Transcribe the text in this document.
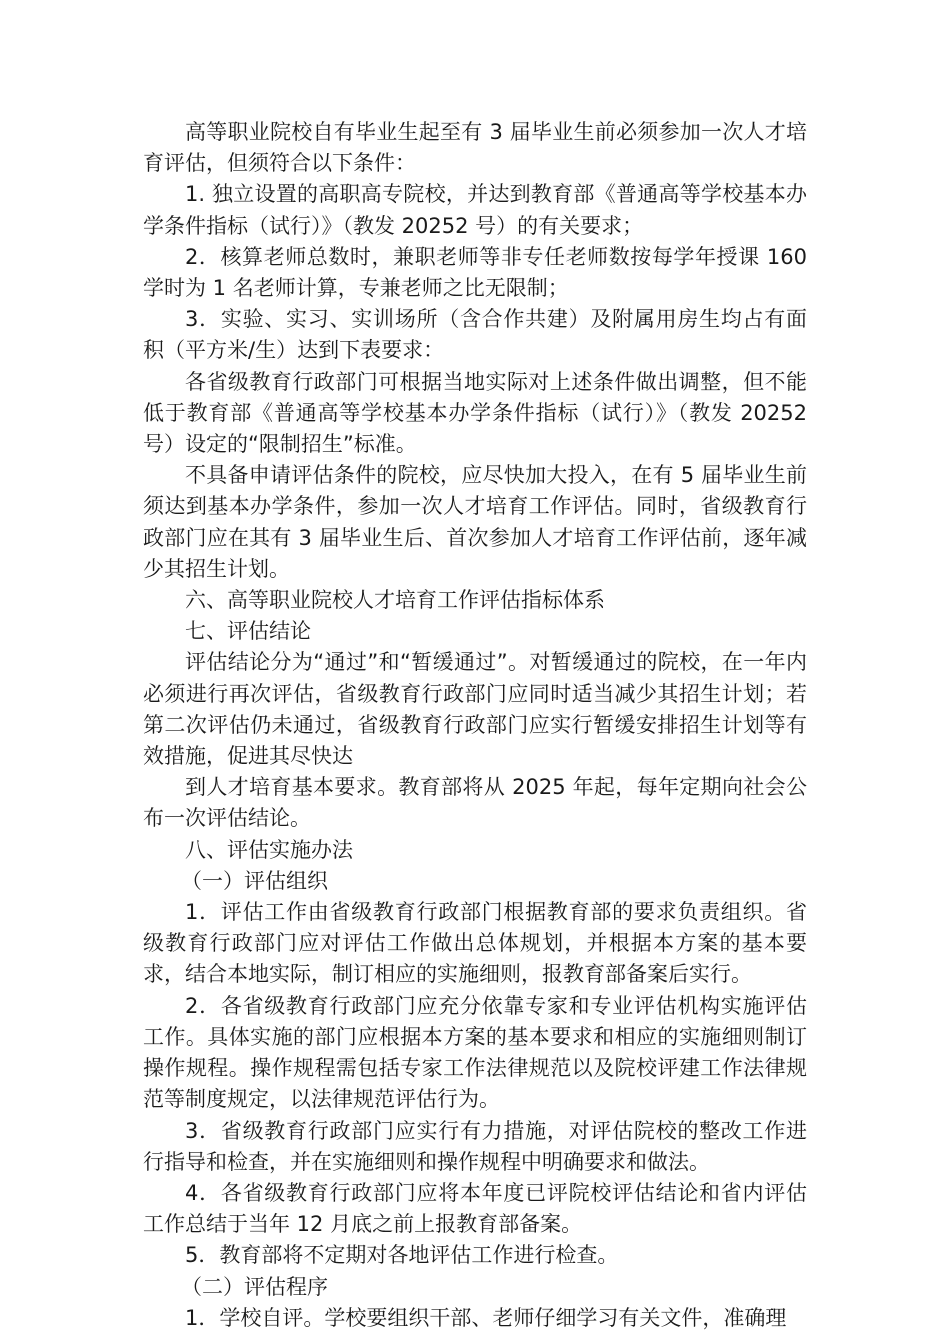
高等职业院校自有毕业生起至有 3 届毕业生前必须参加一次人才培育评估，但须符合以下条件：

1. 独立设置的高职高专院校，并达到教育部《普通高等学校基本办学条件指标（试行）》（教发 20252 号）的有关要求；

2．核算老师总数时，兼职老师等非专任老师数按每学年授课 160 学时为 1 名老师计算，专兼老师之比无限制；

3．实验、实习、实训场所（含合作共建）及附属用房生均占有面积（平方米/生）达到下表要求：

各省级教育行政部门可根据当地实际对上述条件做出调整，但不能低于教育部《普通高等学校基本办学条件指标（试行）》（教发 20252 号）设定的“限制招生”标准。

不具备申请评估条件的院校，应尽快加大投入，在有 5 届毕业生前须达到基本办学条件，参加一次人才培育工作评估。同时，省级教育行政部门应在其有 3 届毕业生后、首次参加人才培育工作评估前，逐年减少其招生计划。

六、高等职业院校人才培育工作评估指标体系

七、评估结论

评估结论分为“通过”和“暂缓通过”。对暂缓通过的院校，在一年内必须进行再次评估，省级教育行政部门应同时适当减少其招生计划；若第二次评估仍未通过，省级教育行政部门应实行暂缓安排招生计划等有效措施，促进其尽快达

到人才培育基本要求。教育部将从 2025 年起，每年定期向社会公布一次评估结论。

八、评估实施办法

（一）评估组织

1．评估工作由省级教育行政部门根据教育部的要求负责组织。省级教育行政部门应对评估工作做出总体规划，并根据本方案的基本要求，结合本地实际，制订相应的实施细则，报教育部备案后实行。

2．各省级教育行政部门应充分依靠专家和专业评估机构实施评估工作。具体实施的部门应根据本方案的基本要求和相应的实施细则制订操作规程。操作规程需包括专家工作法律规范以及院校评建工作法律规范等制度规定，以法律规范评估行为。

3．省级教育行政部门应实行有力措施，对评估院校的整改工作进行指导和检查，并在实施细则和操作规程中明确要求和做法。

4．各省级教育行政部门应将本年度已评院校评估结论和省内评估工作总结于当年 12 月底之前上报教育部备案。

5．教育部将不定期对各地评估工作进行检查。

（二）评估程序

1．学校自评。学校要组织干部、老师仔细学习有关文件，准确理
